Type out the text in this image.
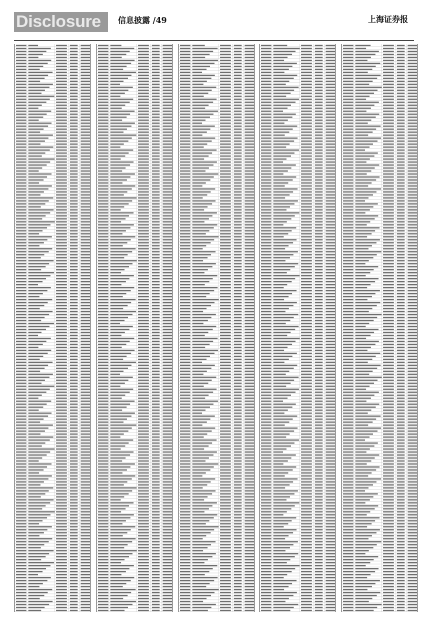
Disclosure	信息披露 /49	上海证券报
